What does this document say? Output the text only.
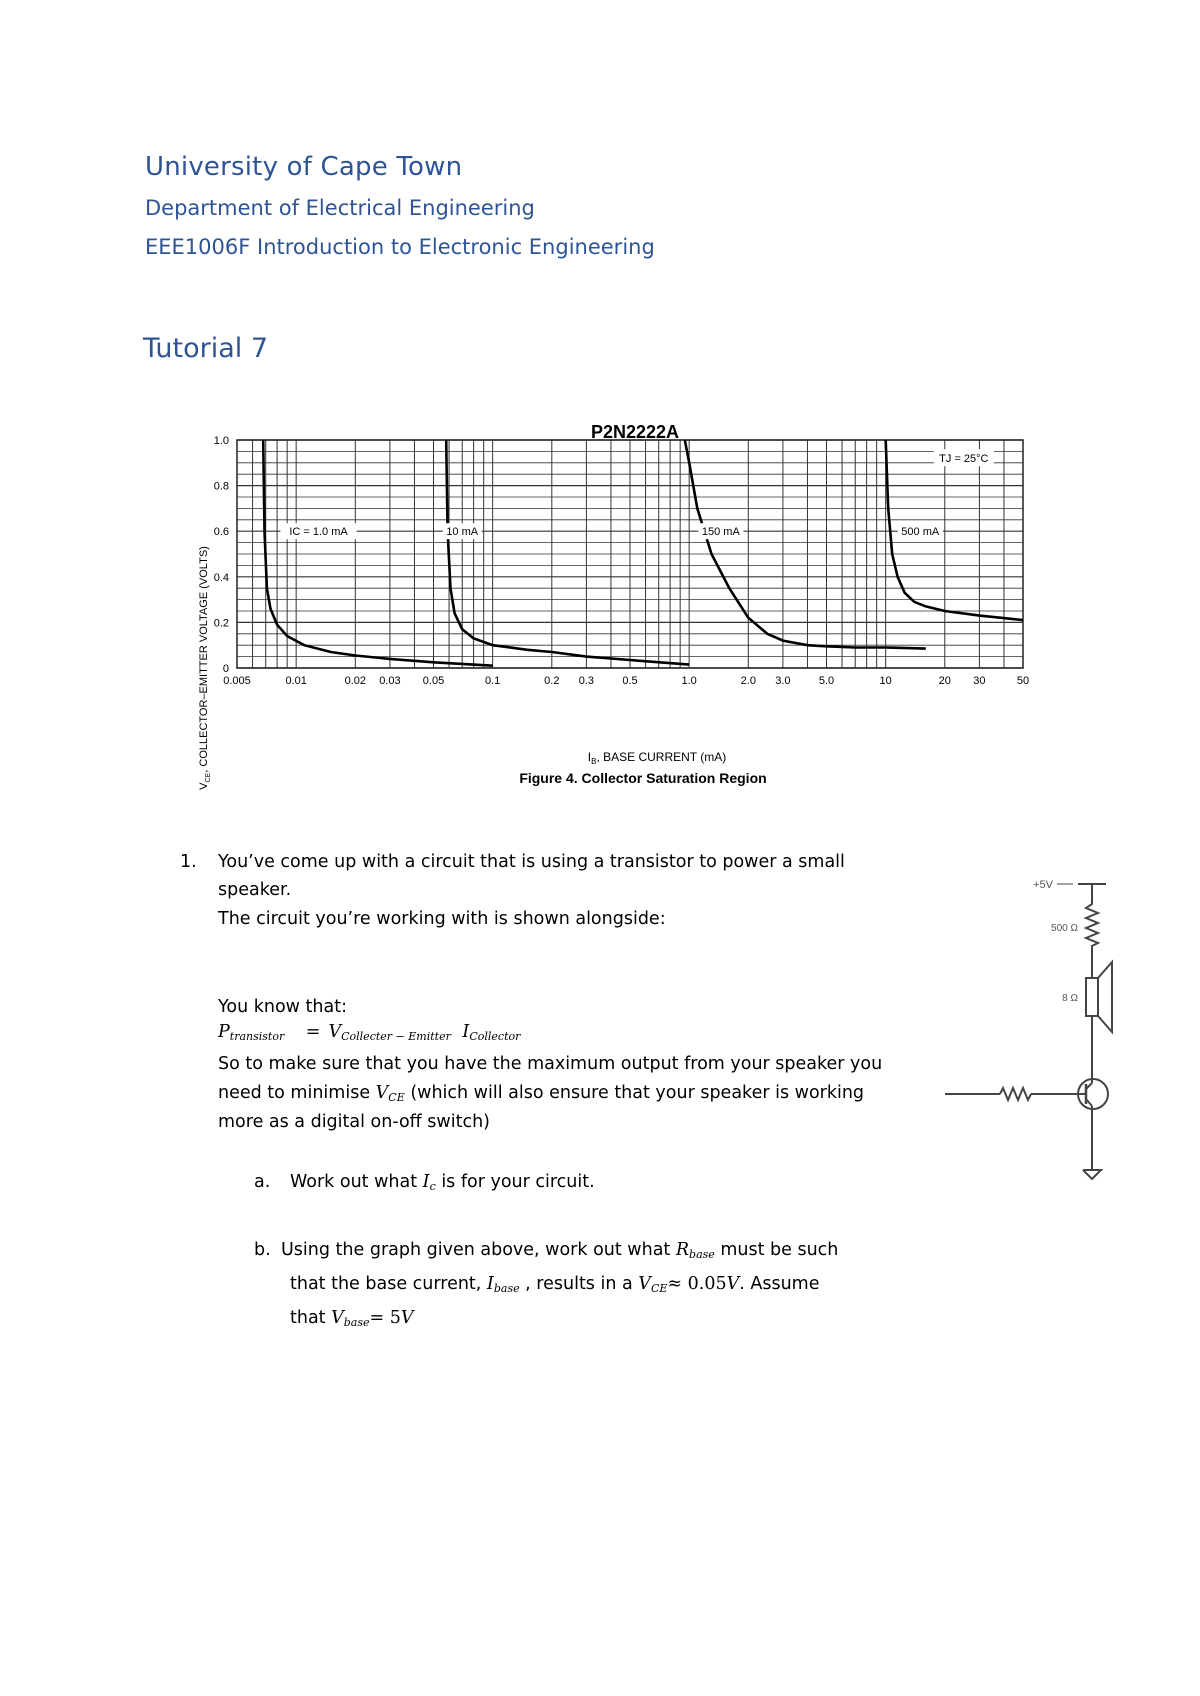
University of Cape Town
Department of Electrical Engineering
EEE1006F Introduction to Electronic Engineering
Tutorial 7
P2N2222A
0.005	0.01	0.02 0.03 0.05	0.1	0.2 0.3	0.5	1.0	2.0 3.0	5.0	10	20 30	50
0
0.2
0.4
0.6
0.8
1.0
IC = 1.0 mA	10 mA	150 mA	500 mA
TJ = 25°C
$I_B$, BASE CURRENT (mA)
$V_{CE}$, COLLECTOR–EMITTER VOLTAGE (VOLTS)
Figure 4. Collector Saturation Region
1. You’ve come up with a circuit that is using a transistor to power a small
speaker.
The circuit you’re working with is shown alongside:
You know that:
Ptransistor = VCollecter − Emitter ICollector
So to make sure that you have the maximum output from your speaker you
need to minimise VCE (which will also ensure that your speaker is working
more as a digital on-off switch)
a. Work out what Ic is for your circuit.
b. Using the graph given above, work out what Rbase must be such
that the base current, Ibase , results in a VCE≈ 0.05V. Assume
that Vbase= 5V
+5V
500 Ω
8 Ω
